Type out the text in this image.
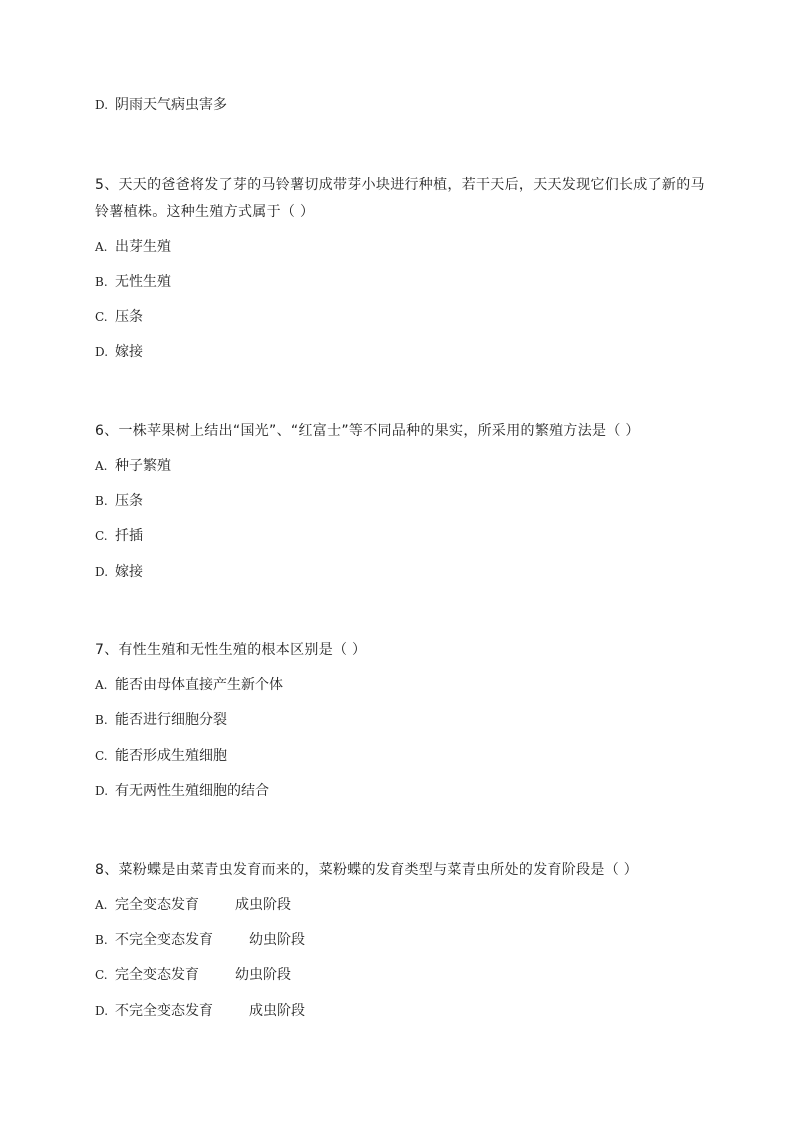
D. 阴雨天气病虫害多
5、天天的爸爸将发了芽的马铃薯切成带芽小块进行种植，若干天后，天天发现它们长成了新的马
铃薯植株。这种生殖方式属于（ ）
A. 出芽生殖
B. 无性生殖
C. 压条
D. 嫁接
6、一株苹果树上结出“国光”、“红富士”等不同品种的果实，所采用的繁殖方法是（ ）
A. 种子繁殖
B. 压条
C. 扦插
D. 嫁接
7、有性生殖和无性生殖的根本区别是（ ）
A. 能否由母体直接产生新个体
B. 能否进行细胞分裂
C. 能否形成生殖细胞
D. 有无两性生殖细胞的结合
8、菜粉蝶是由菜青虫发育而来的，菜粉蝶的发育类型与菜青虫所处的发育阶段是（ ）
A. 完全变态发育	成虫阶段
B. 不完全变态发育	幼虫阶段
C. 完全变态发育	幼虫阶段
D. 不完全变态发育	成虫阶段
